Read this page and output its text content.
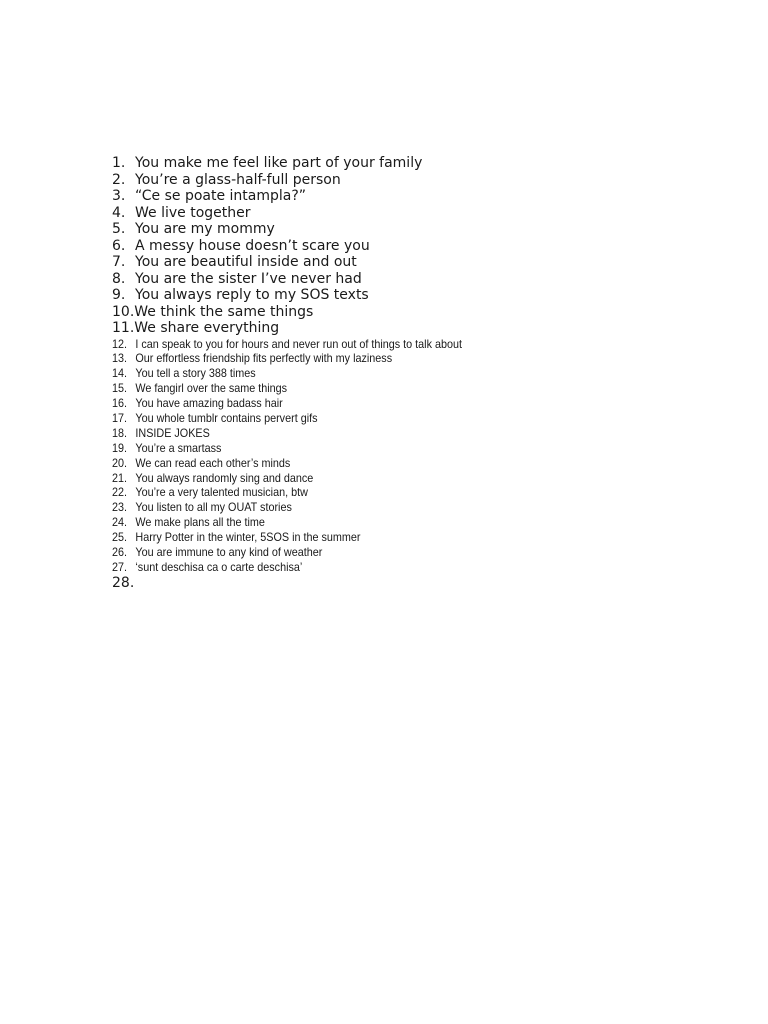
1. You make me feel like part of your family
2. You’re a glass-half-full person
3. “Ce se poate intampla?”
4. We live together
5. You are my mommy
6. A messy house doesn’t scare you
7. You are beautiful inside and out
8. You are the sister I’ve never had
9. You always reply to my SOS texts
10. We think the same things
11. We share everything
12. I can speak to you for hours and never run out of things to talk about
13. Our effortless friendship fits perfectly with my laziness
14. You tell a story 388 times
15. We fangirl over the same things
16. You have amazing badass hair
17. You whole tumblr contains pervert gifs
18. INSIDE JOKES
19. You’re a smartass
20. We can read each other’s minds
21. You always randomly sing and dance
22. You’re a very talented musician, btw
23. You listen to all my OUAT stories
24. We make plans all the time
25. Harry Potter in the winter, 5SOS in the summer
26. You are immune to any kind of weather
27. ‘sunt deschisa ca o carte deschisa’
28.
